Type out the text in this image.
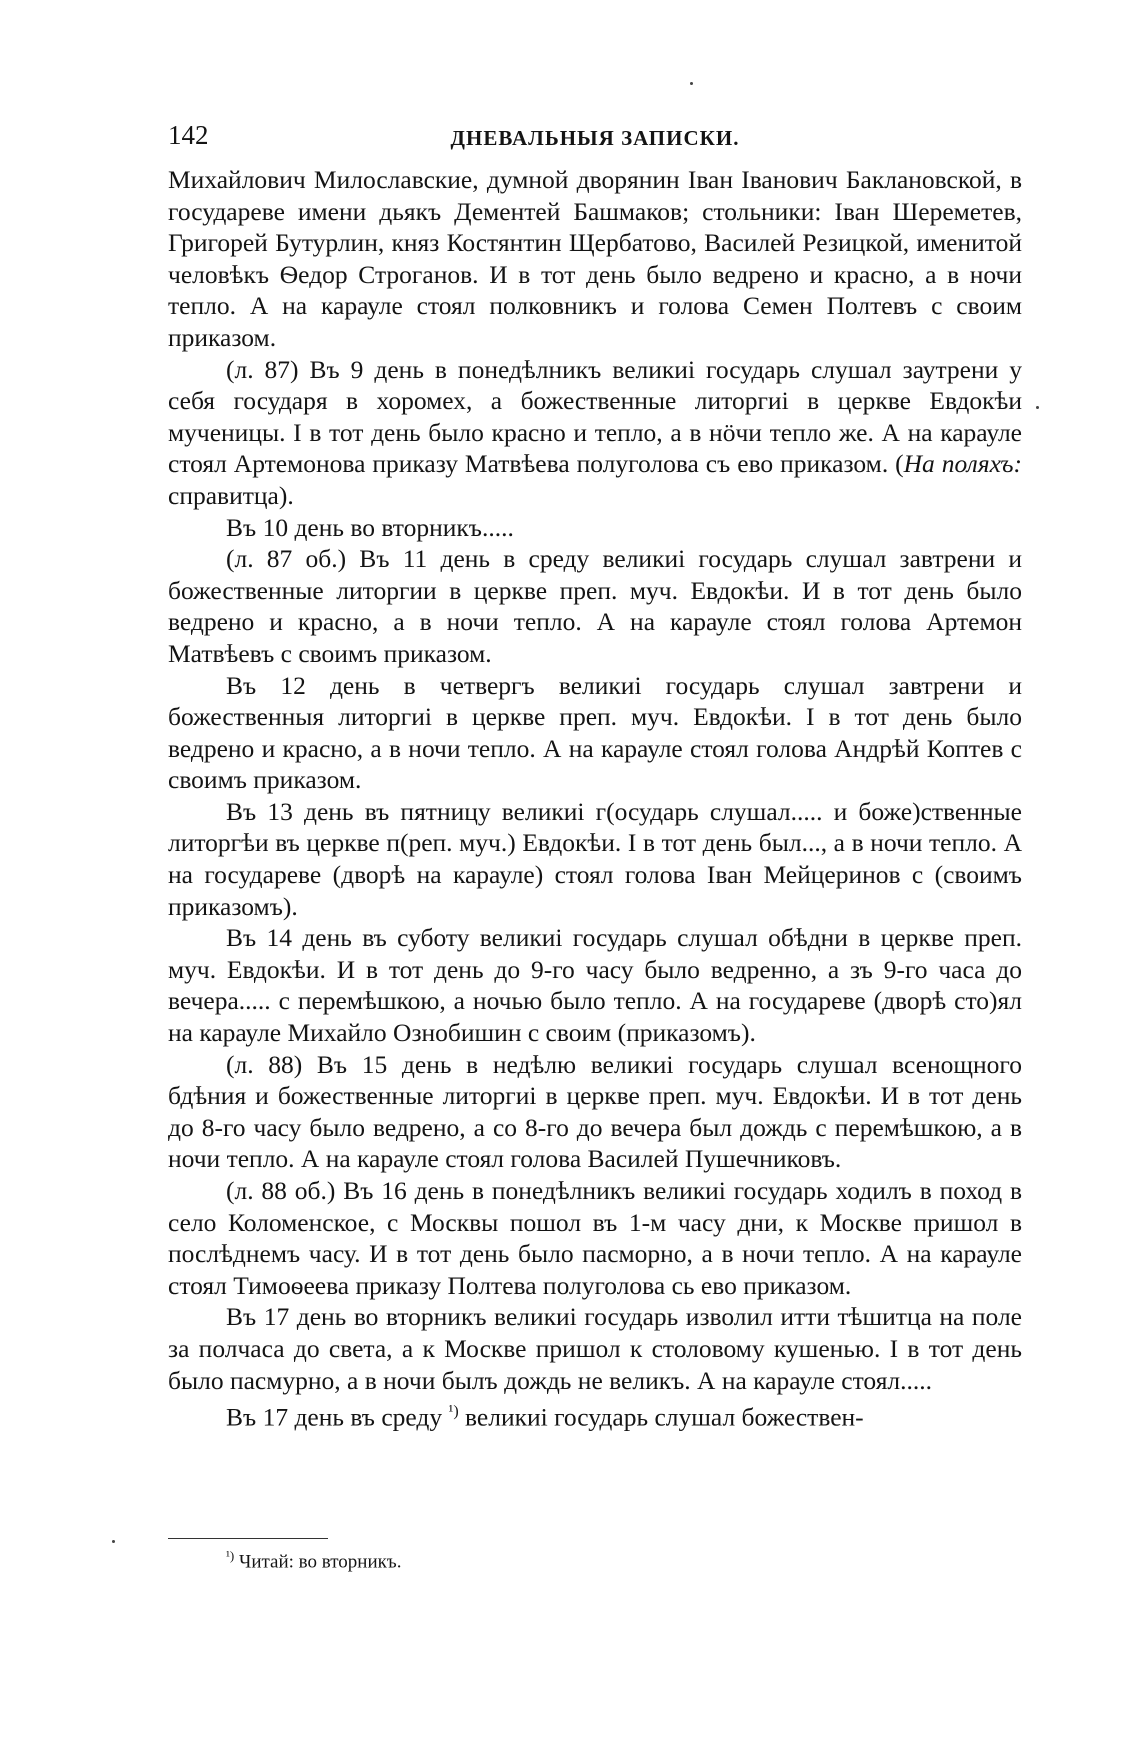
142	ДНЕВАЛЬНЫЯ ЗАПИСКИ.

Михайлович Милославские, думной дворянин Іван Іванович Баклановской, в государеве имени дьякъ Дементей Башмаков; стольники: Іван Шереметев, Григорей Бутурлин, княз Костянтин Щербатово, Василей Резицкой, именитой человѣкъ Ѳедор Строганов. И в тот день было ведрено и красно, а в ночи тепло. А на карауле стоял полковникъ и голова Семен Полтевъ с своим приказом.

(л. 87) Въ 9 день в понедѣлникъ великиі государь слушал заутрени у себя государя в хоромех, а божественные литоргиі в церкве Евдокѣи мученицы. І в тот день было красно и тепло, а в нӧчи тепло же. А на карауле стоял Артемонова приказу Матвѣева полуголова съ ево приказом. (На поляхъ: справитца).

Въ 10 день во вторникъ.....

(л. 87 об.) Въ 11 день в среду великиі государь слушал завтрени и божественные литоргии в церкве преп. муч. Евдокѣи. И в тот день было ведрено и красно, а в ночи тепло. А на карауле стоял голова Артемон Матвѣевъ с своимъ приказом.

Въ 12 день в четвергъ великиі государь слушал завтрени и божественныя литоргиі в церкве преп. муч. Евдокѣи. І в тот день было ведрено и красно, а в ночи тепло. А на карауле стоял голова Андрѣй Коптев с своимъ приказом.

Въ 13 день въ пятницу великиі г(осударь слушал..... и боже)ственные литоргѣи въ церкве п(реп. муч.) Евдокѣи. І в тот день был..., а в ночи тепло. А на государеве (дворѣ на карауле) стоял голова Іван Мейцеринов с (своимъ приказомъ).

Въ 14 день въ суботу великиі государь слушал обѣдни в церкве преп. муч. Евдокѣи. И в тот день до 9-го часу было ведренно, а зъ 9-го часа до вечера..... с перемѣшкою, а ночью было тепло. А на государеве (дворѣ сто)ял на карауле Михайло Ознобишин с своим (приказомъ).

(л. 88) Въ 15 день в недѣлю великиі государь слушал всенощного бдѣния и божественные литоргиі в церкве преп. муч. Евдокѣи. И в тот день до 8-го часу было ведрено, а со 8-го до вечера был дождь с перемѣшкою, а в ночи тепло. А на карауле стоял голова Василей Пушечниковъ.

(л. 88 об.) Въ 16 день в понедѣлникъ великиі государь ходилъ в поход в село Коломенское, с Москвы пошол въ 1-м часу дни, к Москве пришол в послѣднемъ часу. И в тот день было пасморно, а в ночи тепло. А на карауле стоял Тимоѳеева приказу Полтева полуголова сь ево приказом.

Въ 17 день во вторникъ великиі государь изволил итти тѣшитца на поле за полчаса до света, а к Москве пришол к столовому кушенью. І в тот день было пасмурно, а в ночи былъ дождь не великъ. А на карауле стоял.....

Въ 17 день въ среду $^{^1)}$ великиі государь слушал божествен-

$^{^1)}$ Читай: во вторникъ.
